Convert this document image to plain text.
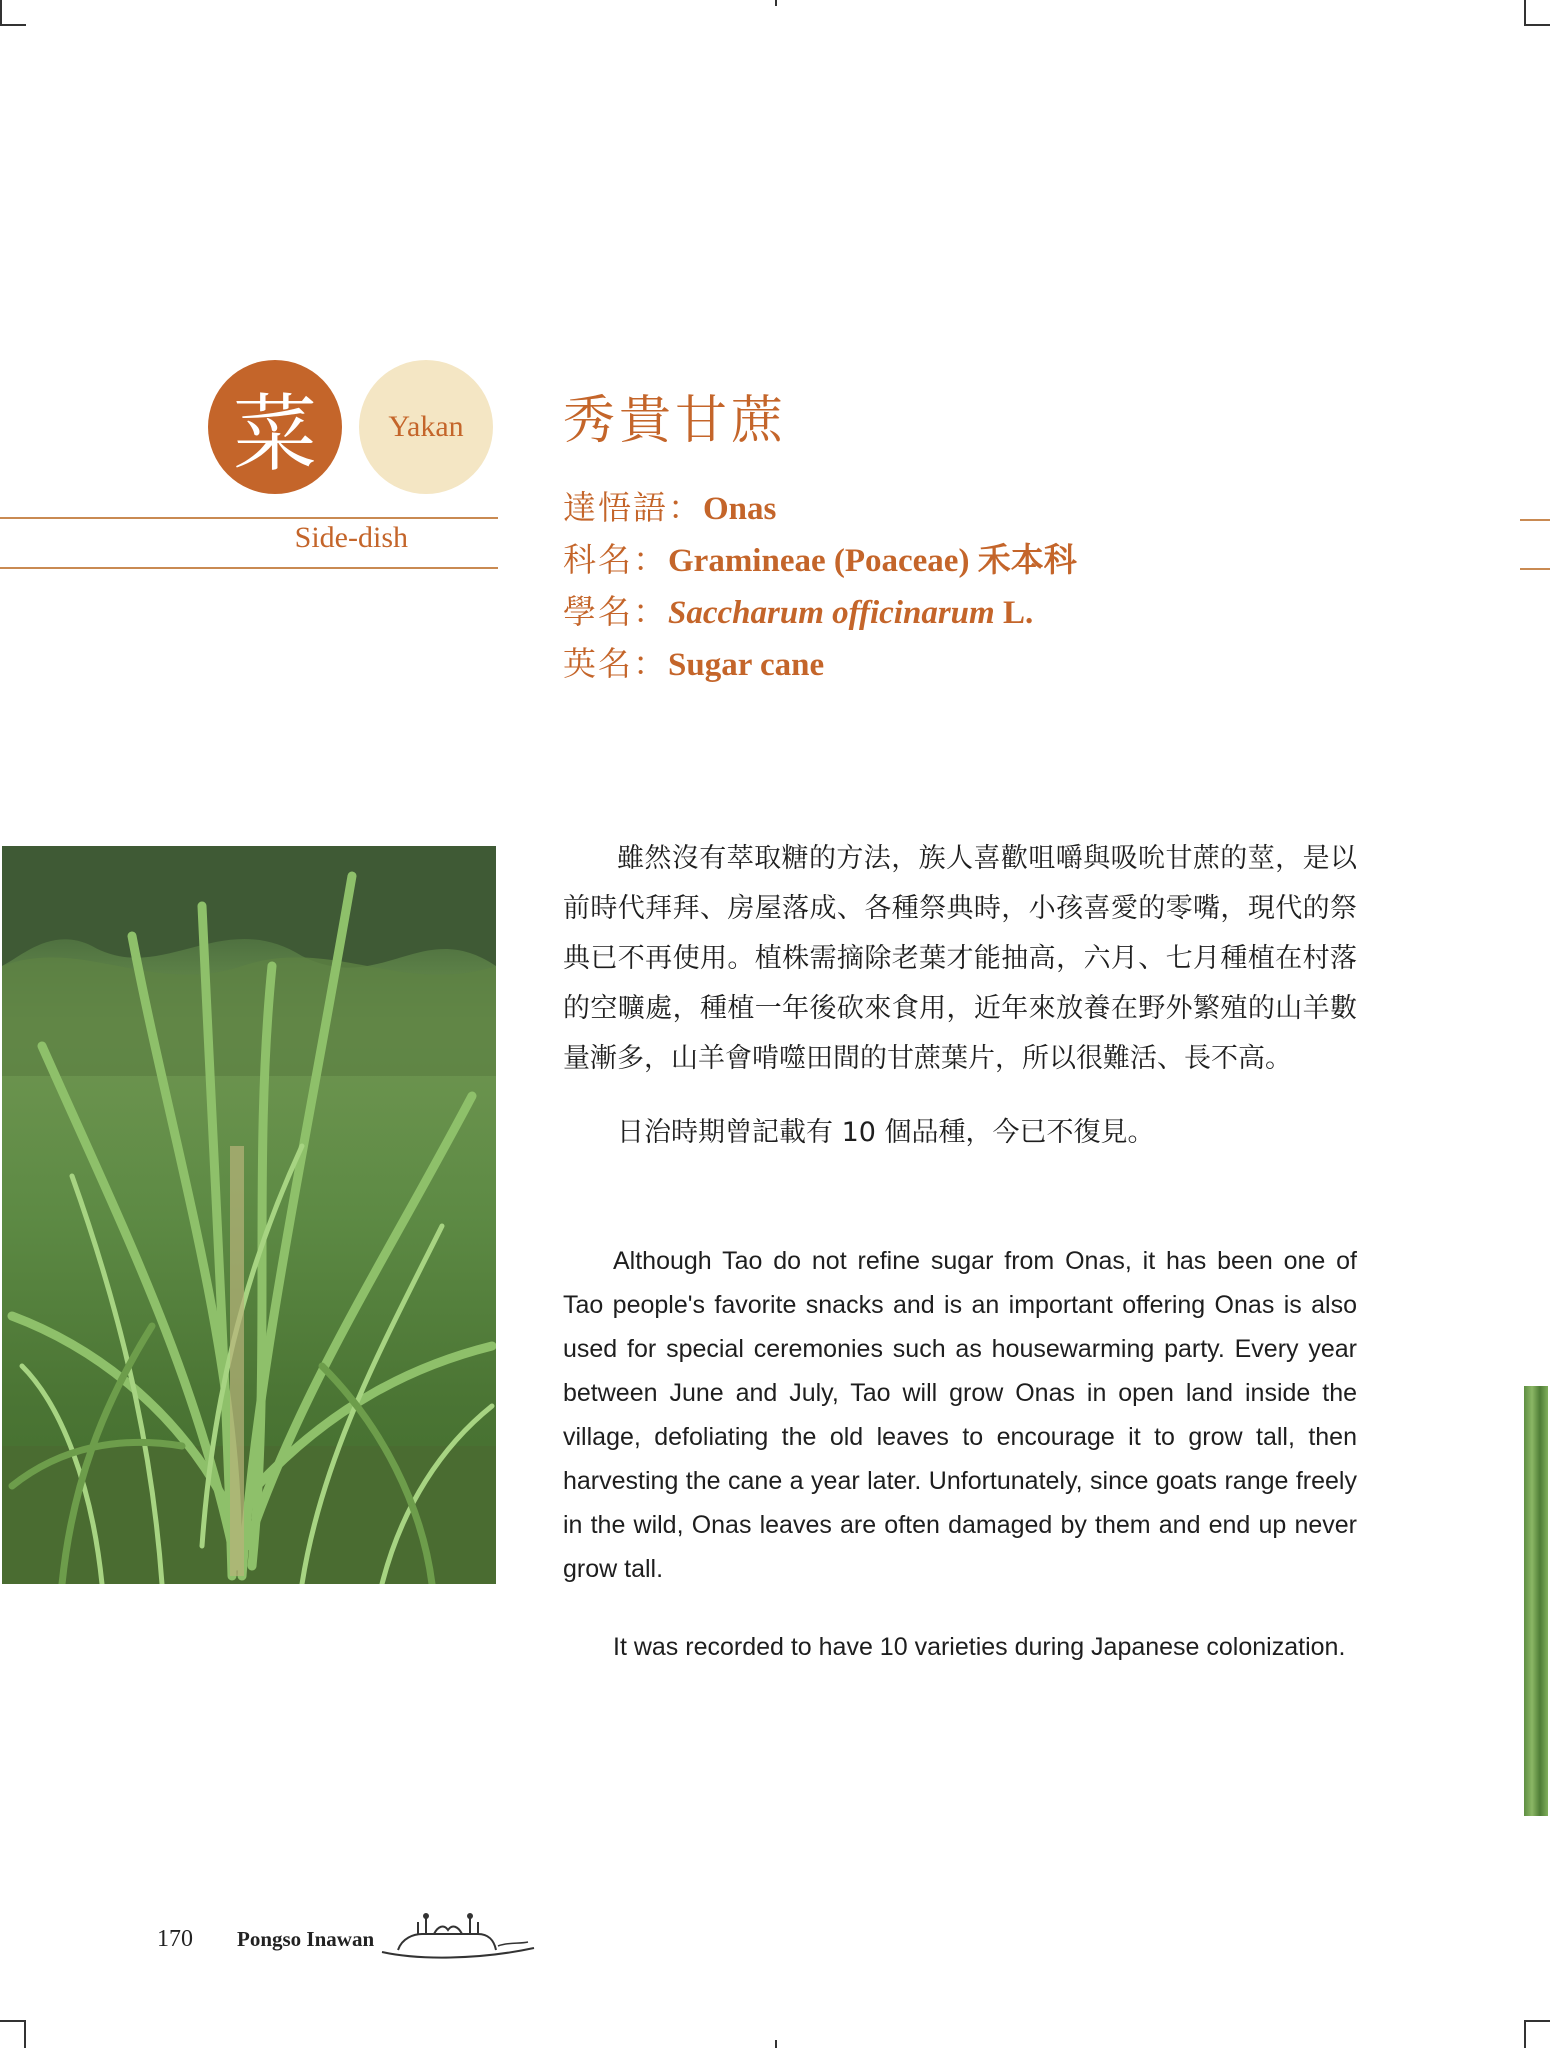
菜	Yakan
Side-dish
秀貴甘蔗
達悟語：Onas
科名：Gramineae (Poaceae) 禾本科
學名：Saccharum officinarum L.
英名：Sugar cane

雖然沒有萃取糖的方法，族人喜歡咀嚼與吸吮甘蔗的莖，是以前時代拜拜、房屋落成、各種祭典時，小孩喜愛的零嘴，現代的祭典已不再使用。植株需摘除老葉才能抽高，六月、七月種植在村落的空曠處，種植一年後砍來食用，近年來放養在野外繁殖的山羊數量漸多，山羊會啃噬田間的甘蔗葉片，所以很難活、長不高。

日治時期曾記載有 10 個品種，今已不復見。

Although Tao do not refine sugar from Onas, it has been one of Tao people's favorite snacks and is an important offering Onas is also used for special ceremonies such as housewarming party. Every year between June and July, Tao will grow Onas in open land inside the village, defoliating the old leaves to encourage it to grow tall, then harvesting the cane a year later. Unfortunately, since goats range freely in the wild, Onas leaves are often damaged by them and end up never grow tall.

It was recorded to have 10 varieties during Japanese colonization.

170 Pongso Inawan
